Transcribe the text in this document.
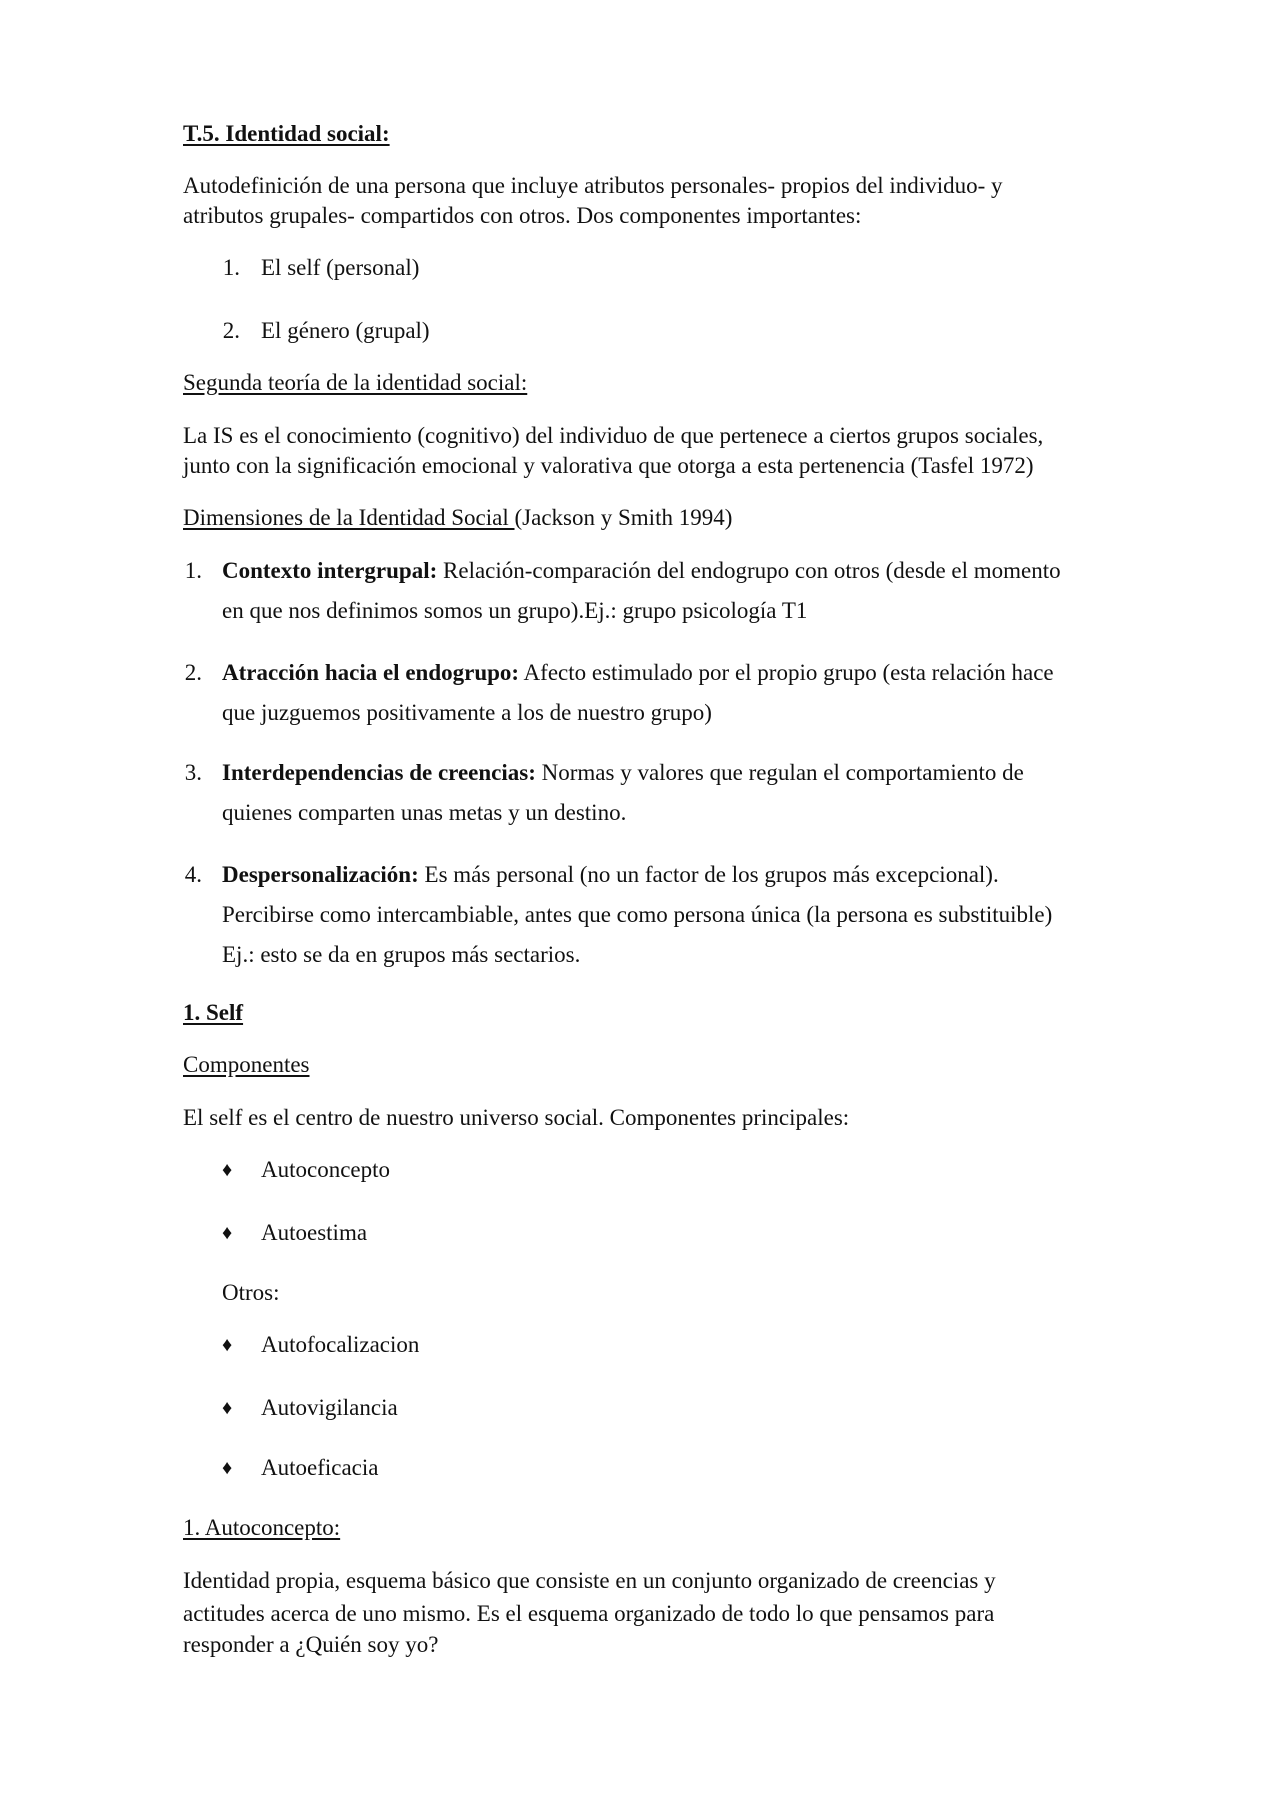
T.5. Identidad social:
Autodefinición de una persona que incluye atributos personales- propios del individuo- y
atributos grupales- compartidos con otros. Dos componentes importantes:
1. El self (personal)
2. El género (grupal)
Segunda teoría de la identidad social:
La IS es el conocimiento (cognitivo) del individuo de que pertenece a ciertos grupos sociales,
junto con la significación emocional y valorativa que otorga a esta pertenencia (Tasfel 1972)
Dimensiones de la Identidad Social (Jackson y Smith 1994)
1. Contexto intergrupal: Relación-comparación del endogrupo con otros (desde el momento
en que nos definimos somos un grupo).Ej.: grupo psicología T1
2. Atracción hacia el endogrupo: Afecto estimulado por el propio grupo (esta relación hace
que juzguemos positivamente a los de nuestro grupo)
3. Interdependencias de creencias: Normas y valores que regulan el comportamiento de
quienes comparten unas metas y un destino.
4. Despersonalización: Es más personal (no un factor de los grupos más excepcional).
Percibirse como intercambiable, antes que como persona única (la persona es substituible)
Ej.: esto se da en grupos más sectarios.
1. Self
Componentes
El self es el centro de nuestro universo social. Componentes principales:
♦	Autoconcepto
♦	Autoestima
Otros:
♦	Autofocalizacion
♦	Autovigilancia
♦	Autoeficacia
1. Autoconcepto:
Identidad propia, esquema básico que consiste en un conjunto organizado de creencias y
actitudes acerca de uno mismo. Es el esquema organizado de todo lo que pensamos para
responder a ¿Quién soy yo?
